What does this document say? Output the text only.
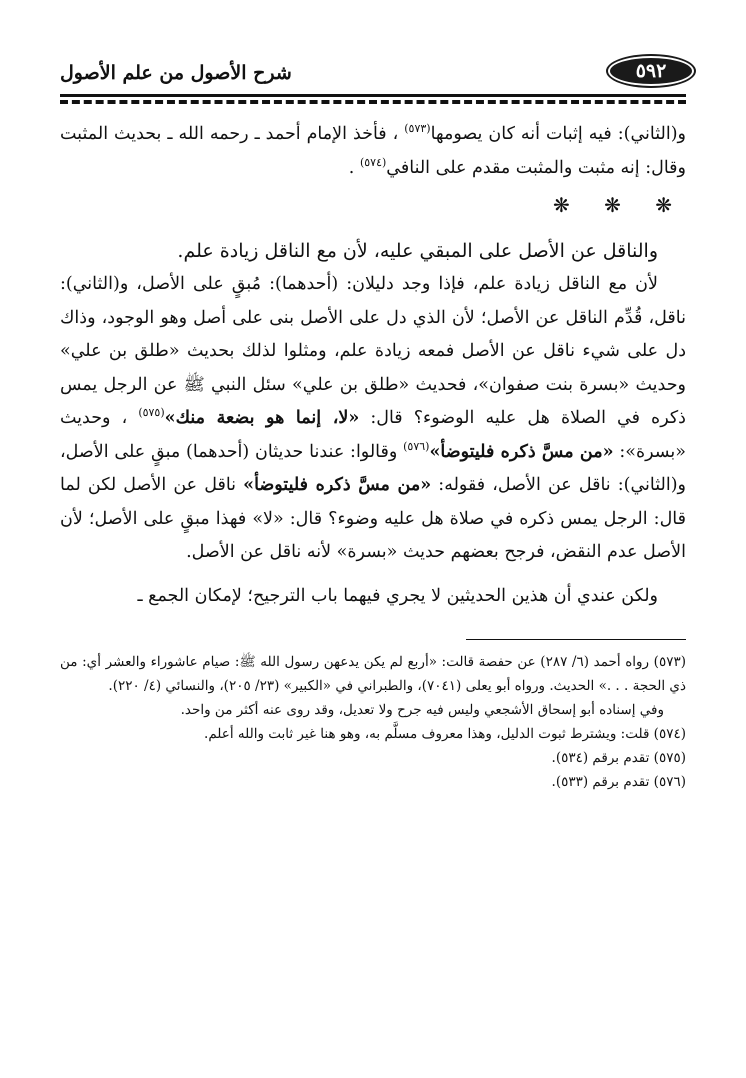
٥٩٢
شرح الأصول من علم الأصول

و(الثاني): فيه إثبات أنه كان يصومها$^{(٥٧٣)}$ ، فأخذ الإمام أحمد ـ رحمه الله ـ بحديث المثبت وقال: إنه مثبت والمثبت مقدم على النافي$^{(٥٧٤)}$ .

❋ ❋ ❋

والناقل عن الأصل على المبقي عليه، لأن مع الناقل زيادة علم.

لأن مع الناقل زيادة علم، فإذا وجد دليلان: (أحدهما): مُبقٍ على الأصل، و(الثاني): ناقل، قُدِّم الناقل عن الأصل؛ لأن الذي دل على الأصل بنى على أصل وهو الوجود، وذاك دل على شيء ناقل عن الأصل فمعه زيادة علم، ومثلوا لذلك بحديث «طلق بن علي» وحديث «بسرة بنت صفوان»، فحديث «طلق بن علي» سئل النبي ﷺ عن الرجل يمس ذكره في الصلاة هل عليه الوضوء؟ قال: «لا، إنما هو بضعة منك»$^{(٥٧٥)}$ ، وحديث «بسرة»: «من مسَّ ذكره فليتوضأ»$^{(٥٧٦)}$ وقالوا: عندنا حديثان (أحدهما) مبقٍ على الأصل، و(الثاني): ناقل عن الأصل، فقوله: «من مسَّ ذكره فليتوضأ» ناقل عن الأصل لكن لما قال: الرجل يمس ذكره في صلاة هل عليه وضوء؟ قال: «لا» فهذا مبقٍ على الأصل؛ لأن الأصل عدم النقض، فرجح بعضهم حديث «بسرة» لأنه ناقل عن الأصل.

ولكن عندي أن هذين الحديثين لا يجري فيهما باب الترجيح؛ لإمكان الجمع ـ

(٥٧٣) رواه أحمد (٦/ ٢٨٧) عن حفصة قالت: «أربع لم يكن يدعهن رسول الله ﷺ: صيام عاشوراء والعشر أي: من ذي الحجة . . .» الحديث. ورواه أبو يعلى (٧٠٤١)، والطبراني في «الكبير» (٢٣/ ٢٠٥)، والنسائي (٤/ ٢٢٠).

وفي إسناده أبو إسحاق الأشجعي وليس فيه جرح ولا تعديل، وقد روى عنه أكثر من واحد.

(٥٧٤) قلت: ويشترط ثبوت الدليل، وهذا معروف مسلَّم به، وهو هنا غير ثابت والله أعلم.

(٥٧٥) تقدم برقم (٥٣٤).

(٥٧٦) تقدم برقم (٥٣٣).
